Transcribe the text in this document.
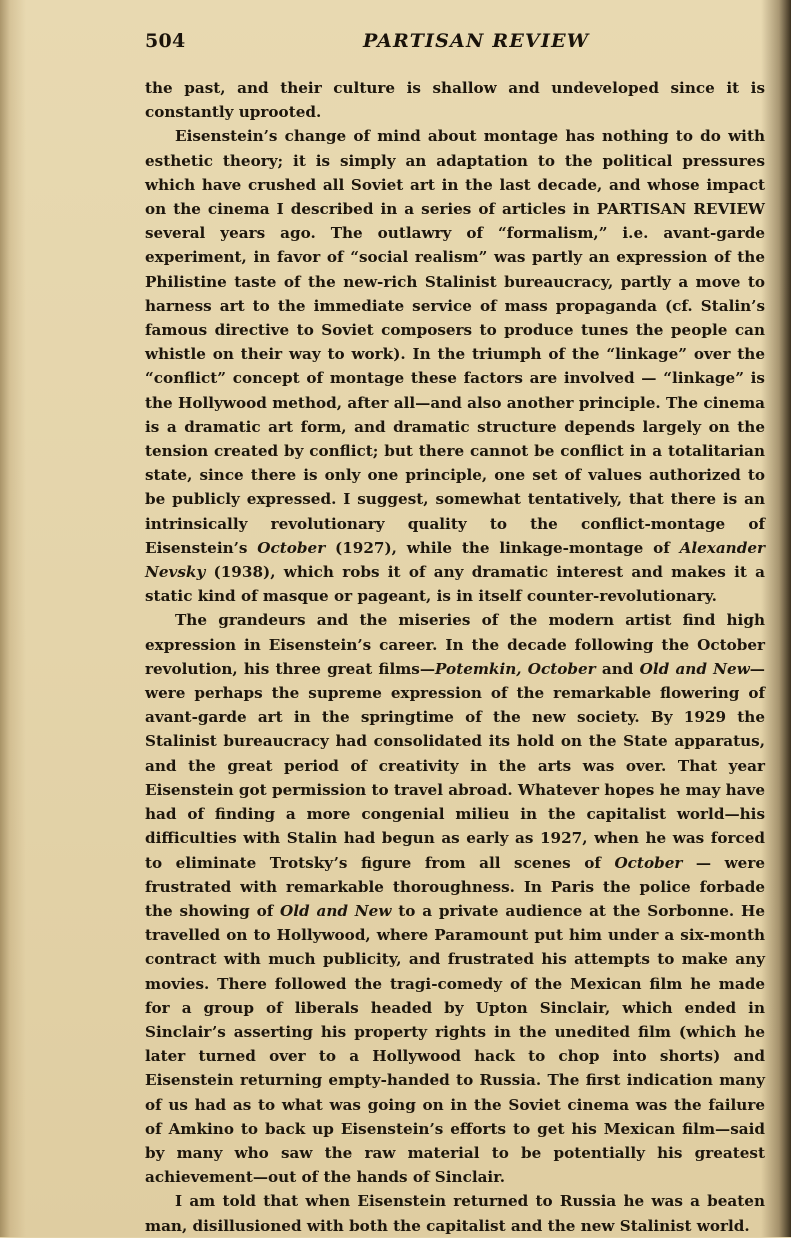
504	PARTISAN REVIEW

the past, and their culture is shallow and undeveloped since it is constantly uprooted.

Eisenstein’s change of mind about montage has nothing to do with esthetic theory; it is simply an adaptation to the political pressures which have crushed all Soviet art in the last decade, and whose impact on the cinema I described in a series of articles in PARTISAN REVIEW several years ago. The outlawry of “formalism,” i.e. avant-garde experiment, in favor of “social realism” was partly an expression of the Philistine taste of the new-rich Stalinist bureaucracy, partly a move to harness art to the immediate service of mass propaganda (cf. Stalin’s famous directive to Soviet composers to produce tunes the people can whistle on their way to work). In the triumph of the “linkage” over the “conflict” concept of montage these factors are involved — “linkage” is the Hollywood method, after all—and also another principle. The cinema is a dramatic art form, and dramatic structure depends largely on the tension created by conflict; but there cannot be conflict in a totalitarian state, since there is only one principle, one set of values authorized to be publicly expressed. I suggest, somewhat tentatively, that there is an intrinsically revolutionary quality to the conflict-montage of Eisenstein’s October (1927), while the linkage-montage of Alexander Nevsky (1938), which robs it of any dramatic interest and makes it a static kind of masque or pageant, is in itself counter-revolutionary.

The grandeurs and the miseries of the modern artist find high expression in Eisenstein’s career. In the decade following the October revolution, his three great films—Potemkin, October and Old and New— were perhaps the supreme expression of the remarkable flowering of avant-garde art in the springtime of the new society. By 1929 the Stalinist bureaucracy had consolidated its hold on the State apparatus, and the great period of creativity in the arts was over. That year Eisenstein got permission to travel abroad. Whatever hopes he may have had of finding a more congenial milieu in the capitalist world—his difficulties with Stalin had begun as early as 1927, when he was forced to eliminate Trotsky’s figure from all scenes of October — were frustrated with remarkable thoroughness. In Paris the police forbade the showing of Old and New to a private audience at the Sorbonne. He travelled on to Hollywood, where Paramount put him under a six-month contract with much publicity, and frustrated his attempts to make any movies. There followed the tragi-comedy of the Mexican film he made for a group of liberals headed by Upton Sinclair, which ended in Sinclair’s asserting his property rights in the unedited film (which he later turned over to a Hollywood hack to chop into shorts) and Eisenstein returning empty-handed to Russia. The first indication many of us had as to what was going on in the Soviet cinema was the failure of Amkino to back up Eisenstein’s efforts to get his Mexican film—said by many who saw the raw material to be potentially his greatest achievement—out of the hands of Sinclair.

I am told that when Eisenstein returned to Russia he was a beaten man, disillusioned with both the capitalist and the new Stalinist world.
